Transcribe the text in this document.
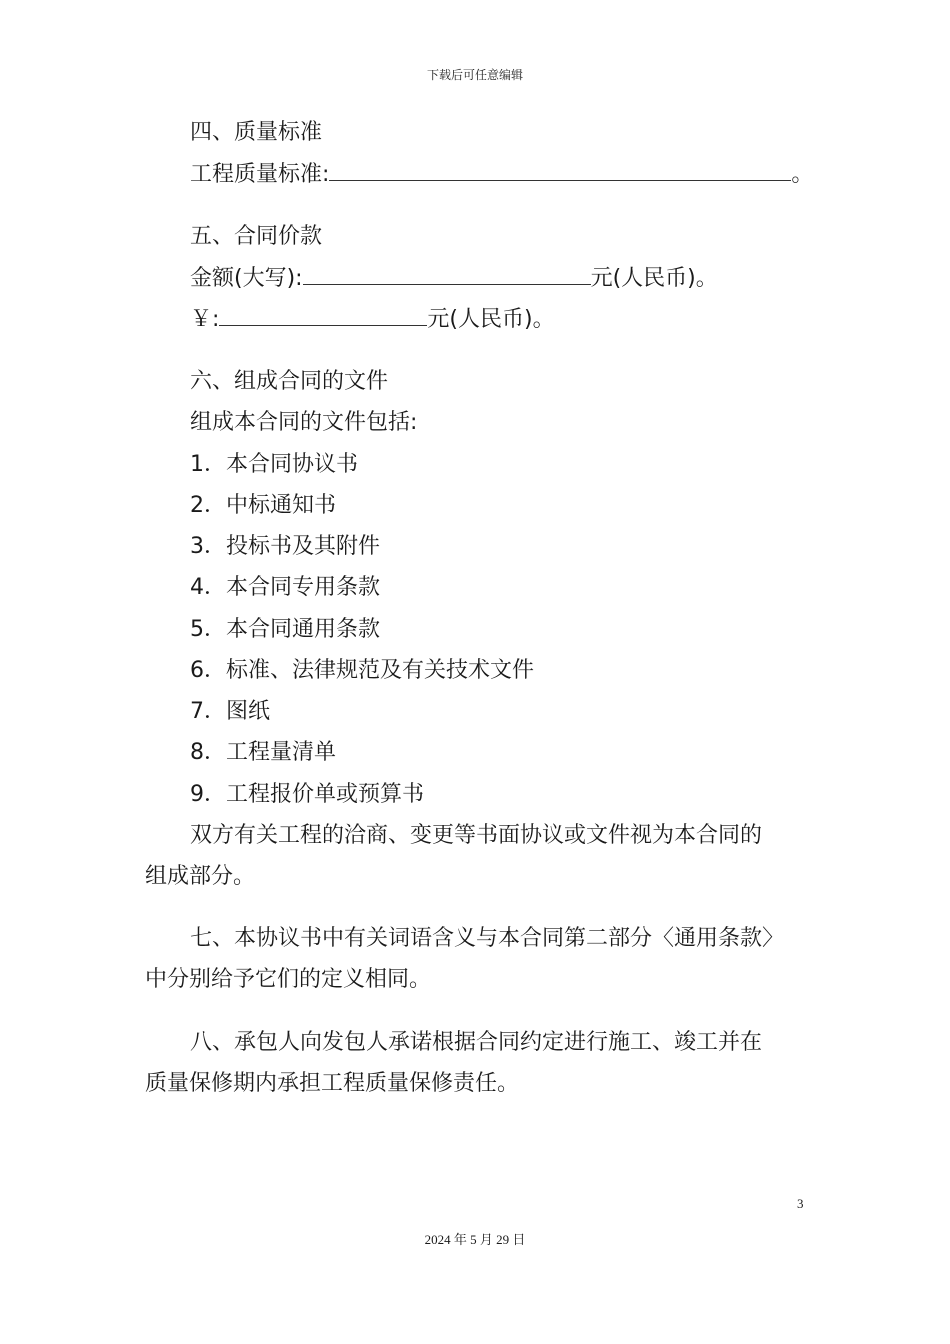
下载后可任意编辑
四、质量标准
工程质量标准:	。
五、合同价款
金额(大写):	元(人民币)。
￥:	元(人民币)。
六、组成合同的文件
组成本合同的文件包括:
1．本合同协议书
2．中标通知书
3．投标书及其附件
4．本合同专用条款
5．本合同通用条款
6．标准、法律规范及有关技术文件
7．图纸
8．工程量清单
9．工程报价单或预算书
双方有关工程的洽商、变更等书面协议或文件视为本合同的
组成部分。
七、本协议书中有关词语含义与本合同第二部分〈通用条款〉
中分别给予它们的定义相同。
八、承包人向发包人承诺根据合同约定进行施工、竣工并在
质量保修期内承担工程质量保修责任。
3
2024 年 5 月 29 日
